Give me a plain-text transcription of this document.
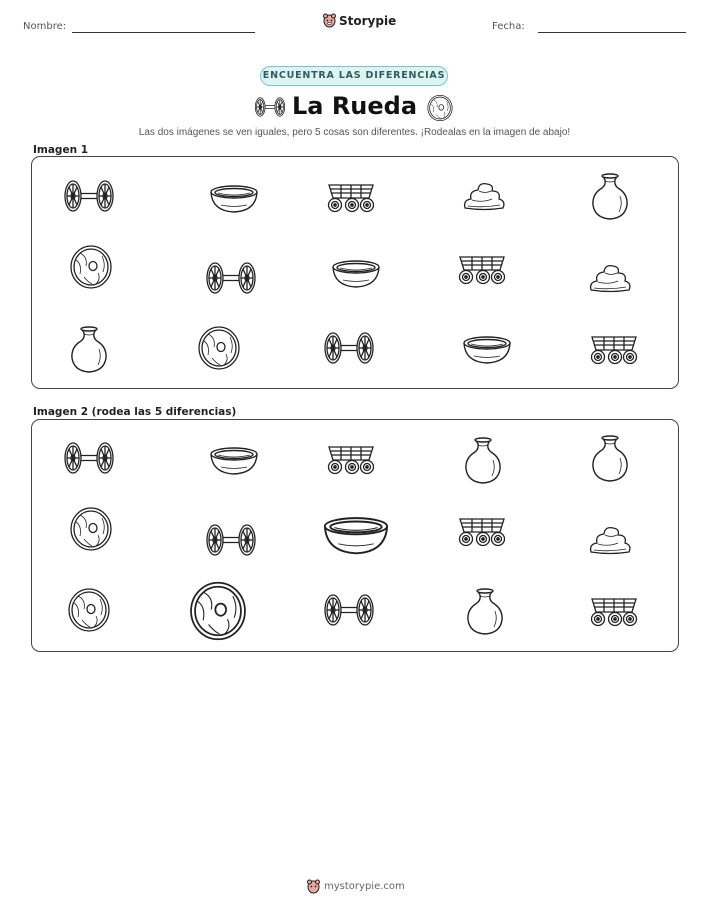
Nombre:	Storypie	Fecha:
ENCUENTRA LAS DIFERENCIAS
La Rueda
Las dos imágenes se ven iguales, pero 5 cosas son diferentes. ¡Rodealas en la imagen de abajo!
Imagen 1
Imagen 2 (rodea las 5 diferencias)
mystorypie.com
